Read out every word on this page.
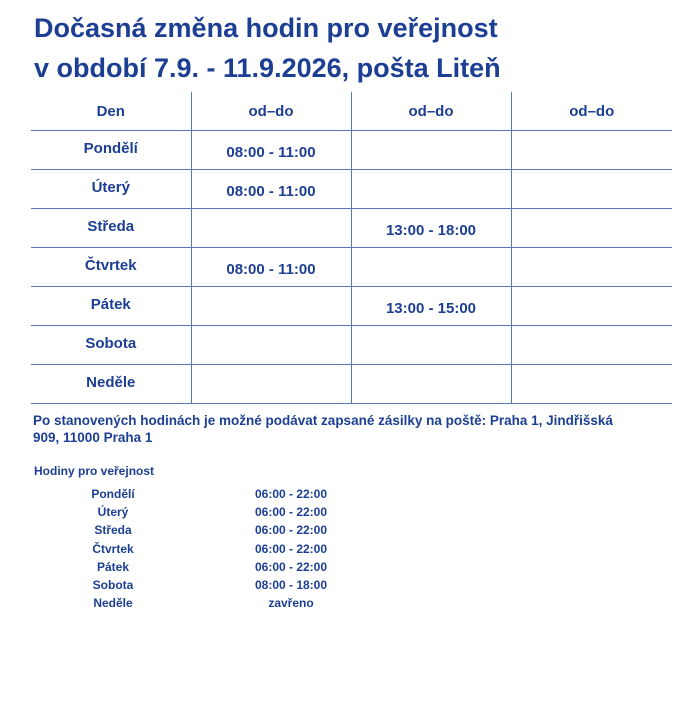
Dočasná změna hodin pro veřejnost
v období 7.9. - 11.9.2026, pošta Liteň
Den	od–do	od–do	od–do
Pondělí	08:00 - 11:00		
Úterý	08:00 - 11:00		
Středa		13:00 - 18:00	
Čtvrtek	08:00 - 11:00		
Pátek		13:00 - 15:00	
Sobota			
Neděle			

Po stanovených hodinách je možné podávat zapsané zásilky na poště: Praha 1, Jindřišská 909, 11000 Praha 1

Hodiny pro veřejnost

Pondělí	06:00 - 22:00
Úterý	06:00 - 22:00
Středa	06:00 - 22:00
Čtvrtek	06:00 - 22:00
Pátek	06:00 - 22:00
Sobota	08:00 - 18:00
Neděle	zavřeno
